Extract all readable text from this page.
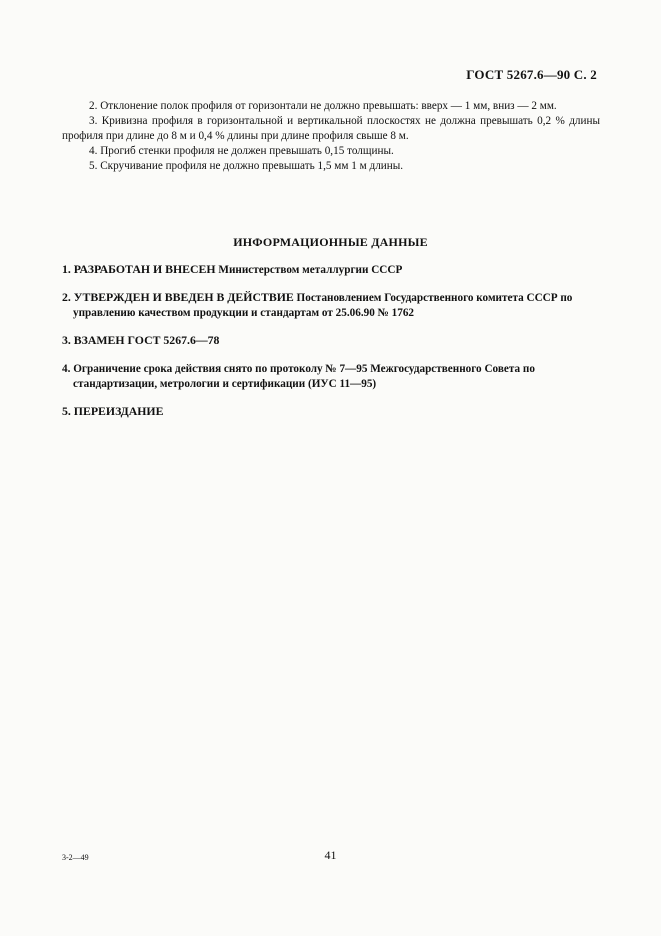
ГОСТ 5267.6—90 С. 2

2. Отклонение полок профиля от горизонтали не должно превышать: вверх — 1 мм, вниз — 2 мм.

3. Кривизна профиля в горизонтальной и вертикальной плоскостях не должна превышать 0,2 % длины профиля при длине до 8 м и 0,4 % длины при длине профиля свыше 8 м.

4. Прогиб стенки профиля не должен превышать 0,15 толщины.

5. Скручивание профиля не должно превышать 1,5 мм 1 м длины.

ИНФОРМАЦИОННЫЕ ДАННЫЕ

1. РАЗРАБОТАН И ВНЕСЕН Министерством металлургии СССР

2. УТВЕРЖДЕН И ВВЕДЕН В ДЕЙСТВИЕ Постановлением Государственного комитета СССР по управлению качеством продукции и стандартам от 25.06.90 № 1762

3. ВЗАМЕН ГОСТ 5267.6—78

4. Ограничение срока действия снято по протоколу № 7—95 Межгосударственного Совета по стандартизации, метрологии и сертификации (ИУС 11—95)

5. ПЕРЕИЗДАНИЕ

3-2—49	41
